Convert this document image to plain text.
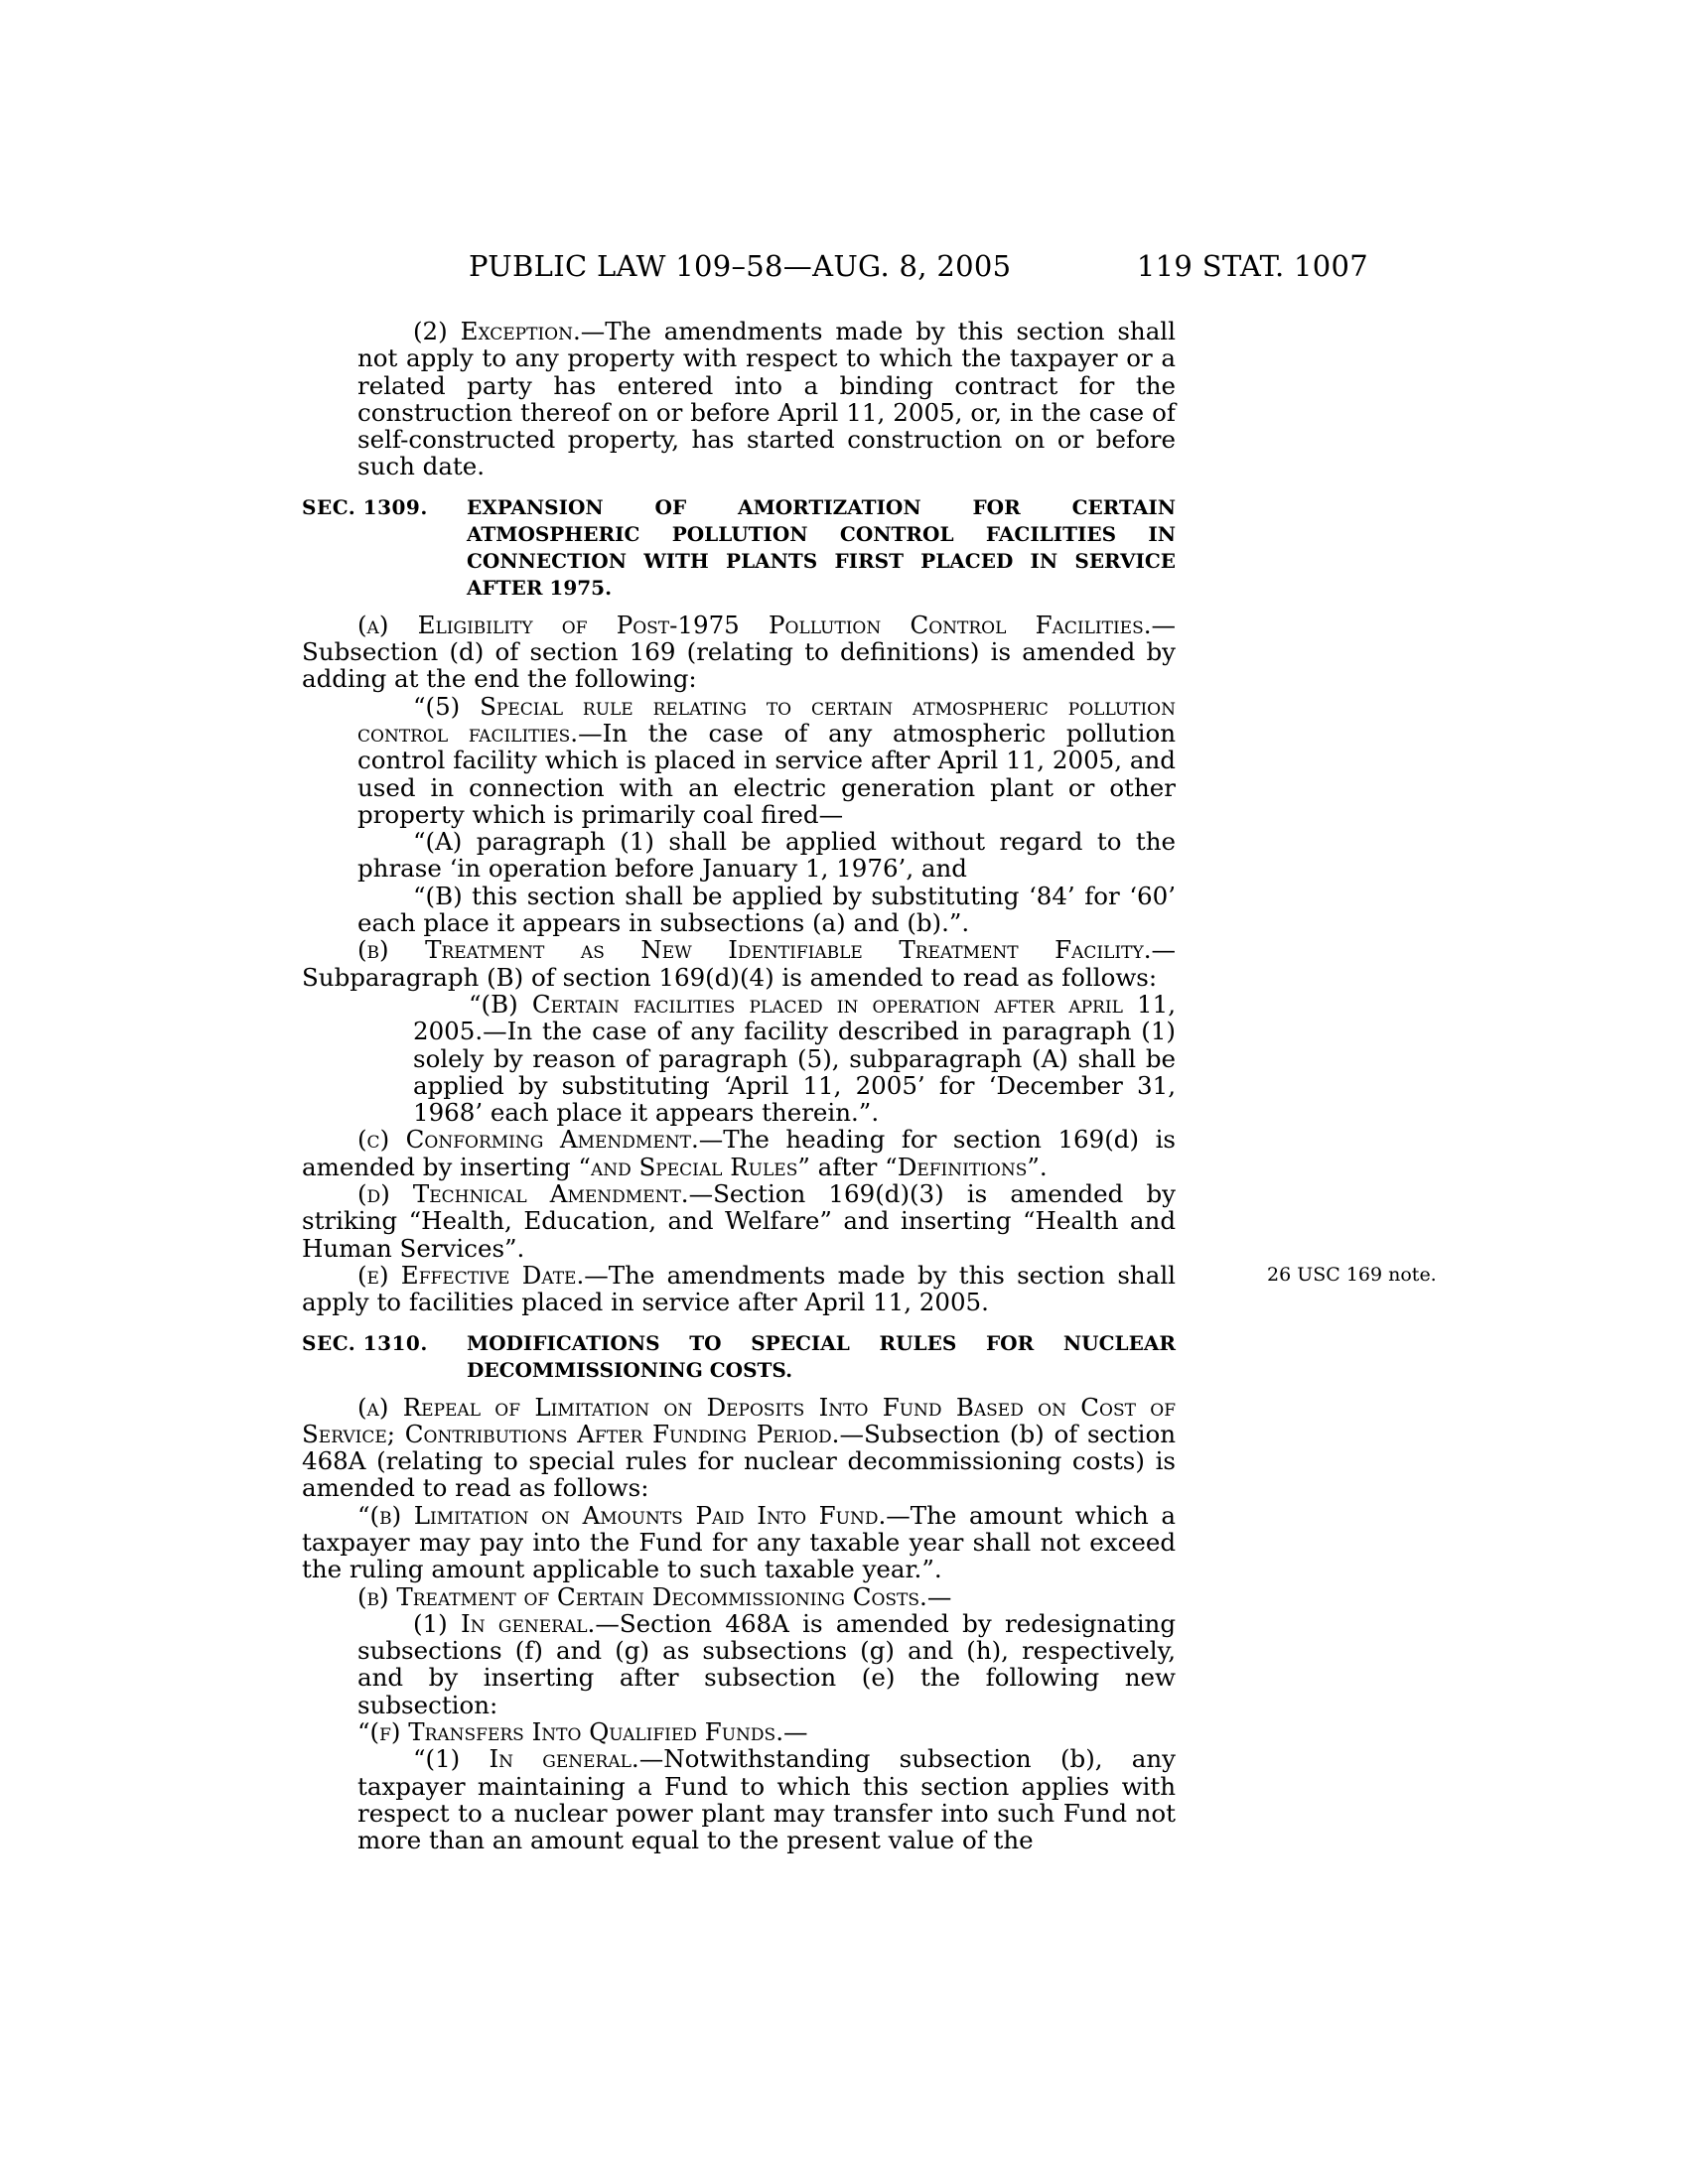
PUBLIC LAW 109–58—AUG. 8, 2005	119 STAT. 1007

(2) Exception.—The amendments made by this section shall not apply to any property with respect to which the taxpayer or a related party has entered into a binding contract for the construction thereof on or before April 11, 2005, or, in the case of self-constructed property, has started construction on or before such date.

SEC. 1309.	EXPANSION OF AMORTIZATION FOR CERTAIN ATMOSPHERIC POLLUTION CONTROL FACILITIES IN CONNECTION WITH PLANTS FIRST PLACED IN SERVICE AFTER 1975.

(a) Eligibility of Post-1975 Pollution Control Facilities.—Subsection (d) of section 169 (relating to definitions) is amended by adding at the end the following:

“(5) Special rule relating to certain atmospheric pollution control facilities.—In the case of any atmospheric pollution control facility which is placed in service after April 11, 2005, and used in connection with an electric generation plant or other property which is primarily coal fired—

“(A) paragraph (1) shall be applied without regard to the phrase ‘in operation before January 1, 1976’, and

“(B) this section shall be applied by substituting ‘84’ for ‘60’ each place it appears in subsections (a) and (b).”.

(b) Treatment as New Identifiable Treatment Facility.—Subparagraph (B) of section 169(d)(4) is amended to read as follows:

“(B) Certain facilities placed in operation after april 11, 2005.—In the case of any facility described in paragraph (1) solely by reason of paragraph (5), subparagraph (A) shall be applied by substituting ‘April 11, 2005’ for ‘December 31, 1968’ each place it appears therein.”.

(c) Conforming Amendment.—The heading for section 169(d) is amended by inserting “and Special Rules” after “Definitions”.

(d) Technical Amendment.—Section 169(d)(3) is amended by striking “Health, Education, and Welfare” and inserting “Health and Human Services”.

(e) Effective Date.—The amendments made by this section shall apply to facilities placed in service after April 11, 2005.
26 USC 169 note.

SEC. 1310.	MODIFICATIONS TO SPECIAL RULES FOR NUCLEAR DECOMMISSIONING COSTS.

(a) Repeal of Limitation on Deposits Into Fund Based on Cost of Service; Contributions After Funding Period.—Subsection (b) of section 468A (relating to special rules for nuclear decommissioning costs) is amended to read as follows:

“(b) Limitation on Amounts Paid Into Fund.—The amount which a taxpayer may pay into the Fund for any taxable year shall not exceed the ruling amount applicable to such taxable year.”.

(b) Treatment of Certain Decommissioning Costs.—

(1) In general.—Section 468A is amended by redesignating subsections (f) and (g) as subsections (g) and (h), respectively, and by inserting after subsection (e) the following new subsection:

“(f) Transfers Into Qualified Funds.—

“(1) In general.—Notwithstanding subsection (b), any taxpayer maintaining a Fund to which this section applies with respect to a nuclear power plant may transfer into such Fund not more than an amount equal to the present value of the
